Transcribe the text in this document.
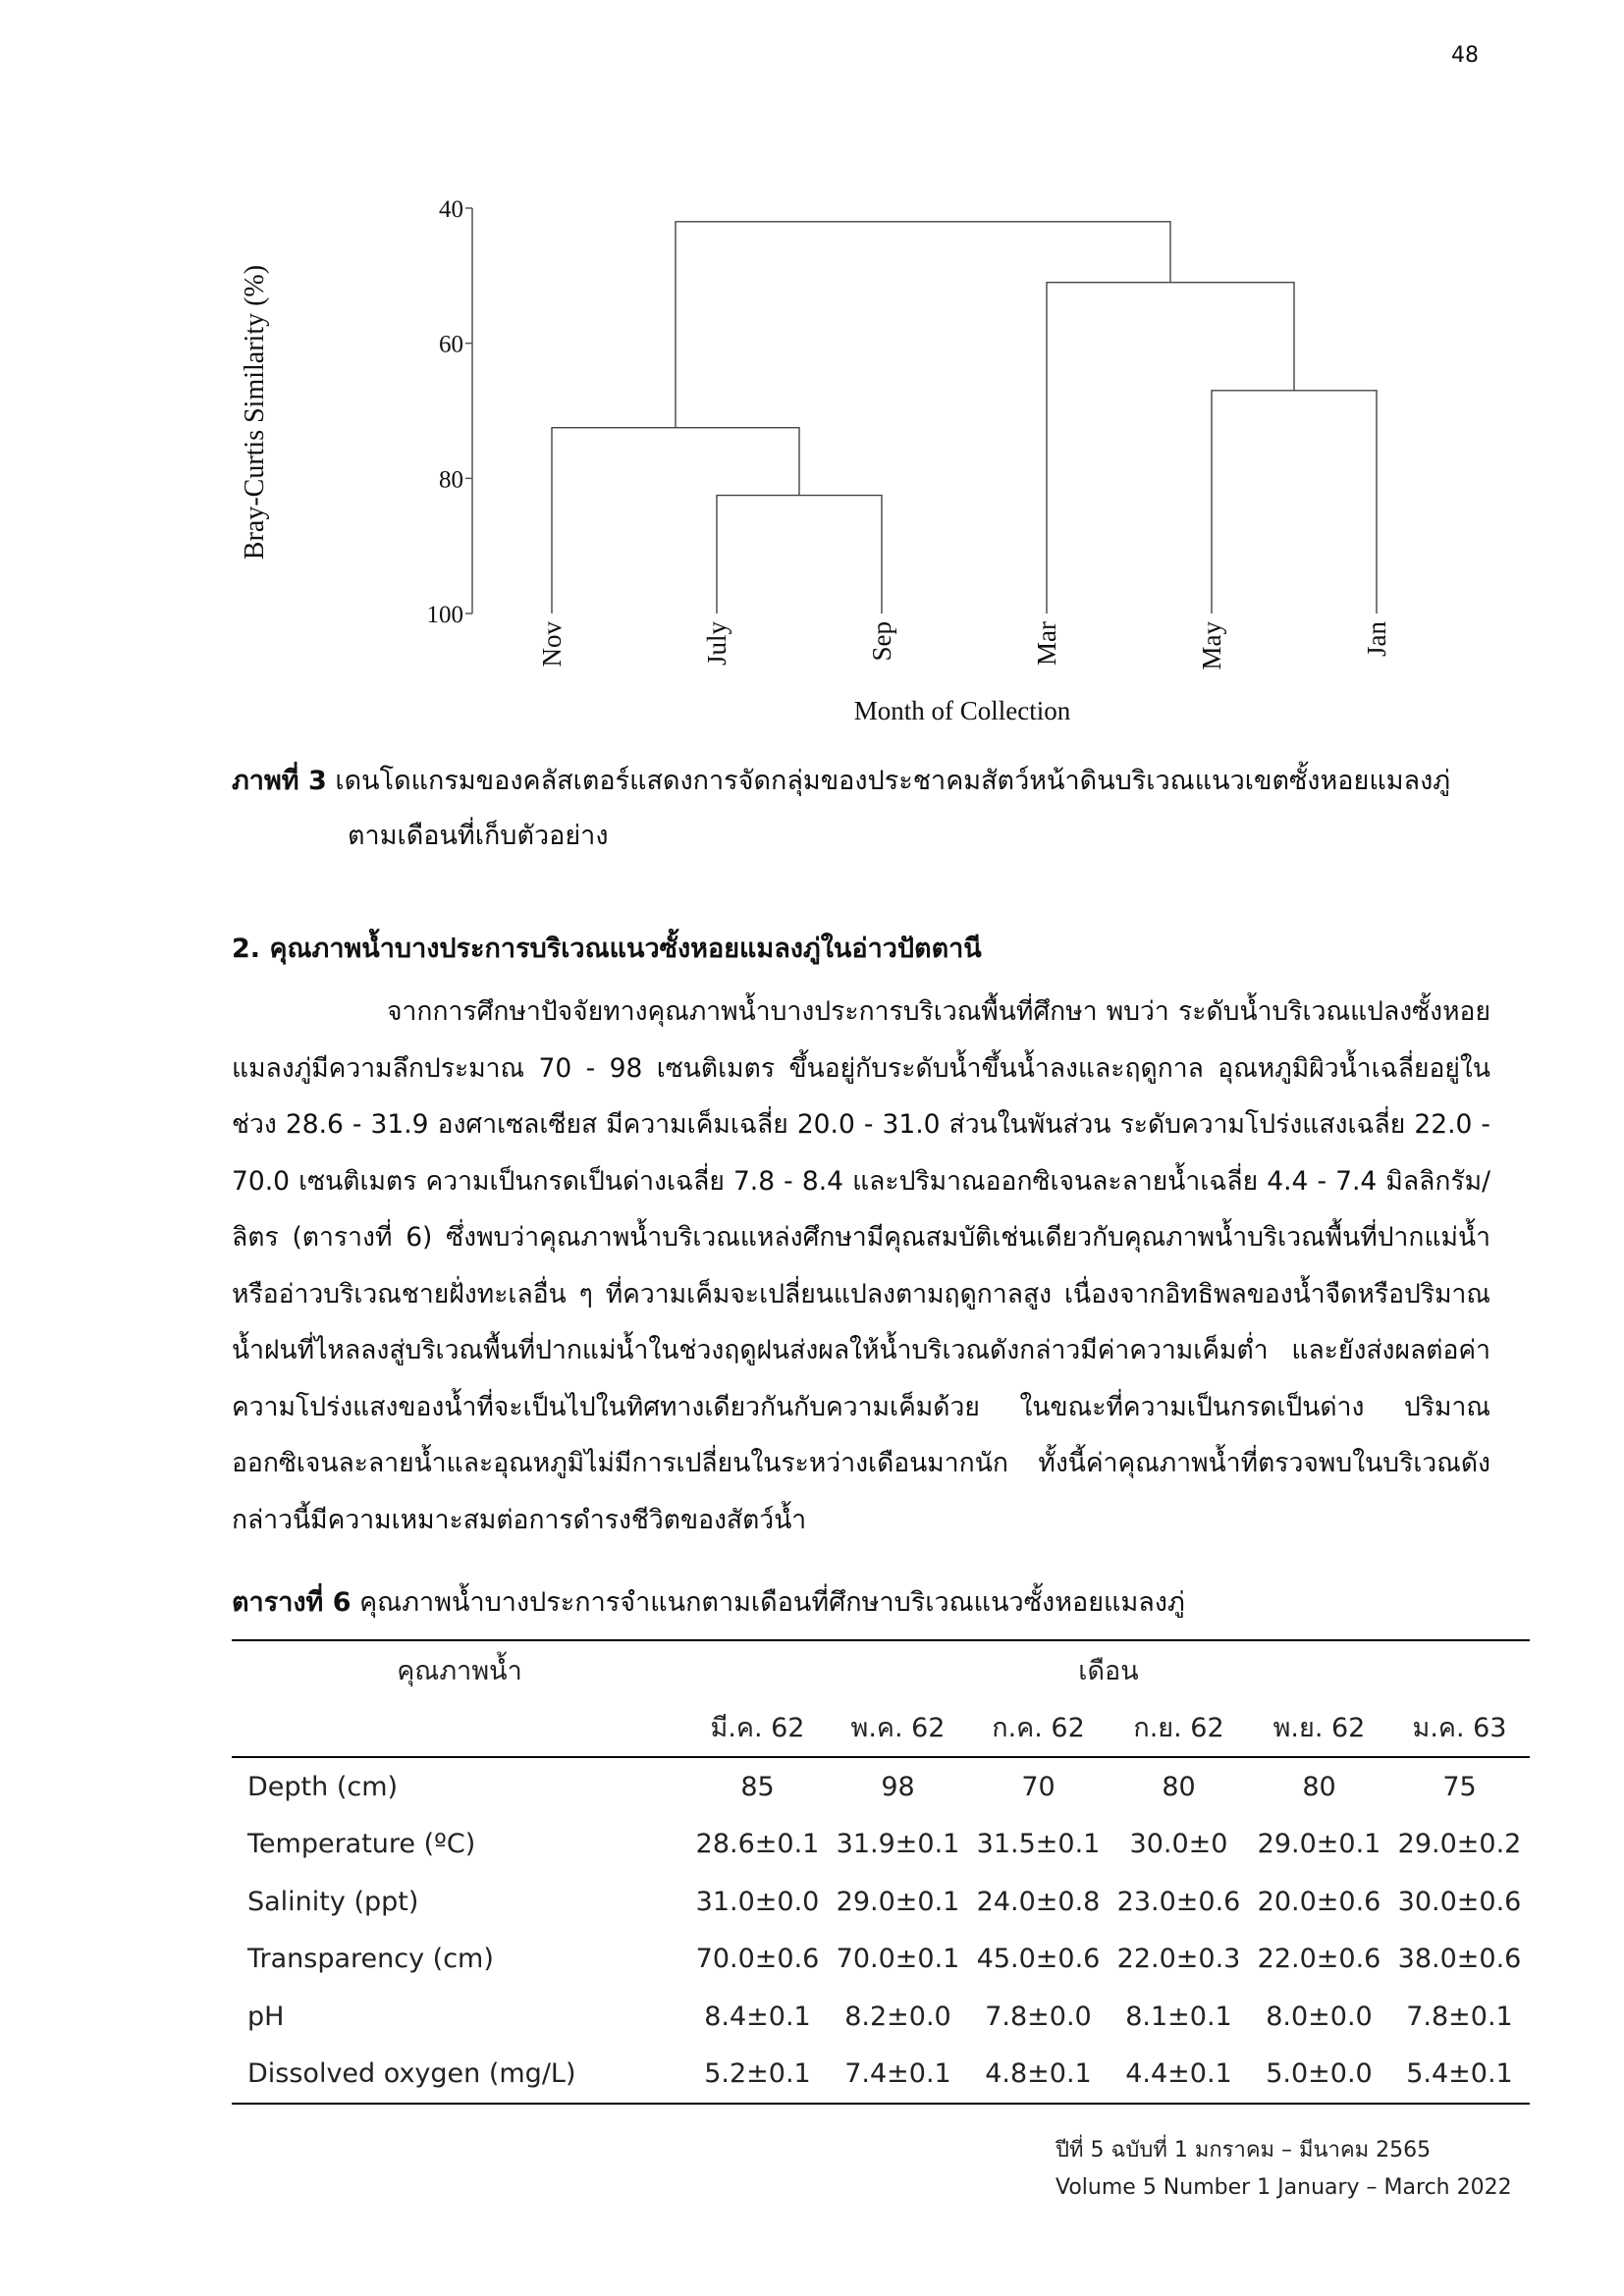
48
40
60
80
100
Nov	July	Sep	Mar	May	Jan
Bray-Curtis Similarity (%)
Month of Collection
ภาพที่ 3 เดนโดแกรมของคลัสเตอร์แสดงการจัดกลุ่มของประชาคมสัตว์หน้าดินบริเวณแนวเขตซั้งหอยแมลงภู่
ตามเดือนที่เก็บตัวอย่าง
2. คุณภาพน้ำบางประการบริเวณแนวซั้งหอยแมลงภู่ในอ่าวปัตตานี

จากการศึกษาปัจจัยทางคุณภาพน้ำบางประการบริเวณพื้นที่ศึกษา พบว่า ระดับน้ำบริเวณแปลงซั้งหอยแมลงภู่มีความลึกประมาณ 70 - 98 เซนติเมตร ขึ้นอยู่กับระดับน้ำขึ้นน้ำลงและฤดูกาล อุณหภูมิผิวน้ำเฉลี่ยอยู่ในช่วง 28.6 - 31.9 องศาเซลเซียส มีความเค็มเฉลี่ย 20.0 - 31.0 ส่วนในพันส่วน ระดับความโปร่งแสงเฉลี่ย 22.0 - 70.0 เซนติเมตร ความเป็นกรดเป็นด่างเฉลี่ย 7.8 - 8.4 และปริมาณออกซิเจนละลายน้ำเฉลี่ย 4.4 - 7.4 มิลลิกรัม/ลิตร (ตารางที่ 6) ซึ่งพบว่าคุณภาพน้ำบริเวณแหล่งศึกษามีคุณสมบัติเช่นเดียวกับคุณภาพน้ำบริเวณพื้นที่ปากแม่น้ำหรืออ่าวบริเวณชายฝั่งทะเลอื่น ๆ ที่ความเค็มจะเปลี่ยนแปลงตามฤดูกาลสูง เนื่องจากอิทธิพลของน้ำจืดหรือปริมาณน้ำฝนที่ไหลลงสู่บริเวณพื้นที่ปากแม่น้ำในช่วงฤดูฝนส่งผลให้น้ำบริเวณดังกล่าวมีค่าความเค็มต่ำ และยังส่งผลต่อค่าความโปร่งแสงของน้ำที่จะเป็นไปในทิศทางเดียวกันกับความเค็มด้วย ในขณะที่ความเป็นกรดเป็นด่าง ปริมาณออกซิเจนละลายน้ำและอุณหภูมิไม่มีการเปลี่ยนในระหว่างเดือนมากนัก ทั้งนี้ค่าคุณภาพน้ำที่ตรวจพบในบริเวณดังกล่าวนี้มีความเหมาะสมต่อการดำรงชีวิตของสัตว์น้ำ

ตารางที่ 6 คุณภาพน้ำบางประการจำแนกตามเดือนที่ศึกษาบริเวณแนวซั้งหอยแมลงภู่
คุณภาพน้ำ	เดือน					
	มี.ค. 62	พ.ค. 62	ก.ค. 62	ก.ย. 62	พ.ย. 62	ม.ค. 63
Depth (cm)	85	98	70	80	80	75
Temperature (ºC)	28.6±0.1	31.9±0.1	31.5±0.1	30.0±0	29.0±0.1	29.0±0.2
Salinity (ppt)	31.0±0.0	29.0±0.1	24.0±0.8	23.0±0.6	20.0±0.6	30.0±0.6
Transparency (cm)	70.0±0.6	70.0±0.1	45.0±0.6	22.0±0.3	22.0±0.6	38.0±0.6
pH	8.4±0.1	8.2±0.0	7.8±0.0	8.1±0.1	8.0±0.0	7.8±0.1
Dissolved oxygen (mg/L)	5.2±0.1	7.4±0.1	4.8±0.1	4.4±0.1	5.0±0.0	5.4±0.1
ปีที่ 5 ฉบับที่ 1 มกราคม – มีนาคม 2565
Volume 5 Number 1 January – March 2022
